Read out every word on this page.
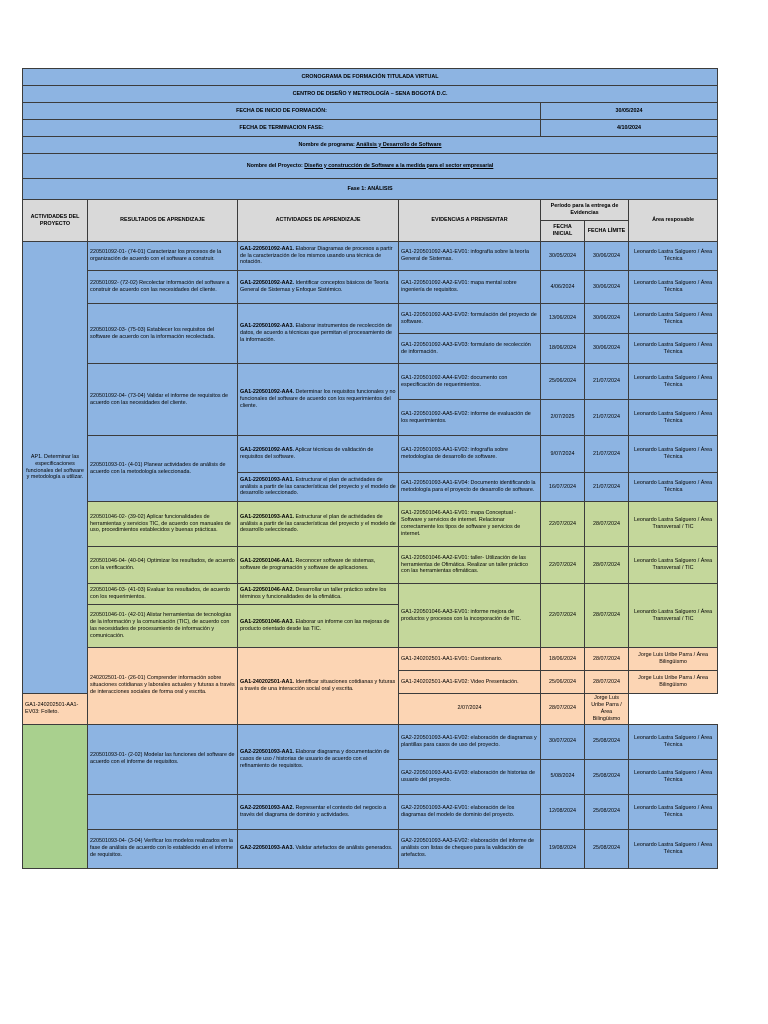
CRONOGRAMA DE FORMACIÓN TITULADA VIRTUAL						
CENTRO DE DISEÑO Y METROLOGÍA – SENA BOGOTÁ D.C.						
FECHA DE INICIO DE FORMACIÓN:				30/05/2024		
FECHA DE TERMINACION FASE:				4/10/2024		
Nombre de programa: Análisis y Desarrollo de Software						
Nombre del Proyecto: Diseño y construcción de Software a la medida para el sector empresarial						
Fase 1: ANÁLISIS						
ACTIVIDADES DEL PROYECTO	RESULTADOS DE APRENDIZAJE	ACTIVIDADES DE APRENDIZAJE	EVIDENCIAS A PRENSENTAR	Período para la entrega de Evidencias		Área resposable
				FECHA INICIAL	FECHA LÍMITE	
AP1. Determinar las especificaciones funcionales del software y metodología a utilizar.	220501092-01- (74-01) Caracterizar los procesos de la organización de acuerdo con el software a construir.	GA1-220501092-AA1. Elaborar Diagramas de procesos a partir de la caracterización de los mismos usando una técnica de notación.	GA1-220501092-AA1-EV01: infografía sobre la teoría General de Sistemas.	30/05/2024	30/06/2024	Leonardo Lastra Salguero / Área Técnica
	220501092- (72-02) Recolectar información del software a construir de acuerdo con las necesidades del cliente.	GA1-220501092-AA2. Identificar conceptos básicos de Teoría General de Sistemas y Enfoque Sistémico.	GA1-220501092-AA2-EV01: mapa mental sobre ingeniería de requisitos.	4/06/2024	30/06/2024	Leonardo Lastra Salguero / Área Técnica
	220501092-03- (75-03) Establecer los requisitos del software de acuerdo con la información recolectada.	GA1-220501092-AA3. Elaborar instrumentos de recolección de datos, de acuerdo a técnicas que permitan el procesamiento de la información.	GA1-220501092-AA3-EV02: formulación del proyecto de software.	13/06/2024	30/06/2024	Leonardo Lastra Salguero / Área Técnica
			GA1-220501092-AA3-EV03: formulario de recolección de información.	18/06/2024	30/06/2024	Leonardo Lastra Salguero / Área Técnica
	220501092-04- (73-04) Validar el informe de requisitos de acuerdo con las necesidades del cliente.	GA1-220501092-AA4. Determinar los requisitos funcionales y no funcionales del software de acuerdo con los requerimientos del cliente.	GA1-220501092-AA4-EV02: documento con especificación de requerimientos.	25/06/2024	21/07/2024	Leonardo Lastra Salguero / Área Técnica
			GA1-220501092-AA5-EV02: informe de evaluación de los requerimientos.	2/07/2025	21/07/2024	Leonardo Lastra Salguero / Área Técnica
	220501093-01- (4-01) Planear actividades de análisis de acuerdo con la metodología seleccionada.	GA1-220501092-AA5. Aplicar técnicas de validación de requisitos del software.	GA1-220501093-AA1-EV02: infografía sobre metodologías de desarrollo de software.	9/07/2024	21/07/2024	Leonardo Lastra Salguero / Área Técnica
		GA1-220501093-AA1. Estructurar el plan de actividades de análisis a partir de las características del proyecto y el modelo de desarrollo seleccionado.	GA1-220501093-AA1-EV04: Documento identificando la metodología para el proyecto de desarrollo de software.	16/07/2024	21/07/2024	Leonardo Lastra Salguero / Área Técnica
	220501046-02- (39-02) Aplicar funcionalidades de herramientas y servicios TIC, de acuerdo con manuales de uso, procedimientos establecidos y buenas prácticas.	GA1-220501093-AA1. Estructurar el plan de actividades de análisis a partir de las características del proyecto y el modelo de desarrollo seleccionado.	GA1-220501046-AA1-EV01: mapa Conceptual - Software y servicios de internet. Relacionar correctamente los tipos de software y servicios de internet.	22/07/2024	28/07/2024	Leonardo Lastra Salguero / Área Transversal / TIC
	220501046-04- (40-04) Optimizar los resultados, de acuerdo con la verificación.	GA1-220501046-AA1. Reconocer software de sistemas, software de programación y software de aplicaciones.	GA1-220501046-AA2-EV01: taller- Utilización de las herramientas de Ofimática. Realizar un taller práctico con las herramientas ofimáticas.	22/07/2024	28/07/2024	Leonardo Lastra Salguero / Área Transversal / TIC
	220501046-03- (41-03) Evaluar los resultados, de acuerdo con los requerimientos.	GA1-220501046-AA2. Desarrollar un taller práctico sobre los términos y funcionalidades de la ofimática.	GA1-220501046-AA3-EV01: informe mejora de productos y procesos con la incorporación de TIC.	22/07/2024	28/07/2024	Leonardo Lastra Salguero / Área Transversal / TIC
	220501046-01- (42-01) Alistar herramientas de tecnologías de la información y la comunicación (TIC), de acuerdo con las necesidades de procesamiento de información y comunicación.	GA1-220501046-AA3. Elaborar un informe con las mejoras de producto orientado desde las TIC.				
	240202501-01- (26-01) Comprender información sobre situaciones cotidianas y laborales actuales y futuras a través de interacciones sociales de forma oral y escrita.	GA1-240202501-AA1. Identificar situaciones cotidianas y futuras a través de una interacción social oral y escrita.	GA1-240202501-AA1-EV01: Cuestionario.	18/06/2024	28/07/2024	Jorge Luis Uribe Parra / Área Bilingüismo
			GA1-240202501-AA1-EV02: Video Presentación.	25/06/2024	28/07/2024	Jorge Luis Uribe Parra / Área Bilingüismo
GA1-240202501-AA1-EV03: Folleto.			2/07/2024	28/07/2024	Jorge Luis Uribe Parra / Área Bilingüismo	
	220501093-01- (2-02) Modelar las funciones del software de acuerdo con el informe de requisitos.	GA2-220501093-AA1. Elaborar diagrama y documentación de casos de uso / historias de usuario de acuerdo con el refinamiento de requisitos.	GA2-220501093-AA1-EV02: elaboración de diagramas y plantillas para casos de uso del proyecto.	30/07/2024	25/08/2024	Leonardo Lastra Salguero / Área Técnica
			GA2-220501093-AA1-EV03: elaboración de historias de usuario del proyecto.	5/08/2024	25/08/2024	Leonardo Lastra Salguero / Área Técnica
		GA2-220501093-AA2. Representar el contexto del negocio a través del diagrama de dominio y actividades.	GA2-220501093-AA2-EV01: elaboración de los diagramas del modelo de dominio del proyecto.	12/08/2024	25/08/2024	Leonardo Lastra Salguero / Área Técnica
	220501093-04- (3-04) Verificar los modelos realizados en la fase de análisis de acuerdo con lo establecido en el informe de requisitos.	GA2-220501093-AA3. Validar artefactos de análisis generados.	GA2-220501093-AA3-EV02: elaboración del informe de análisis con listas de chequeo para la validación de artefactos.	19/08/2024	25/08/2024	Leonardo Lastra Salguero / Área Técnica
